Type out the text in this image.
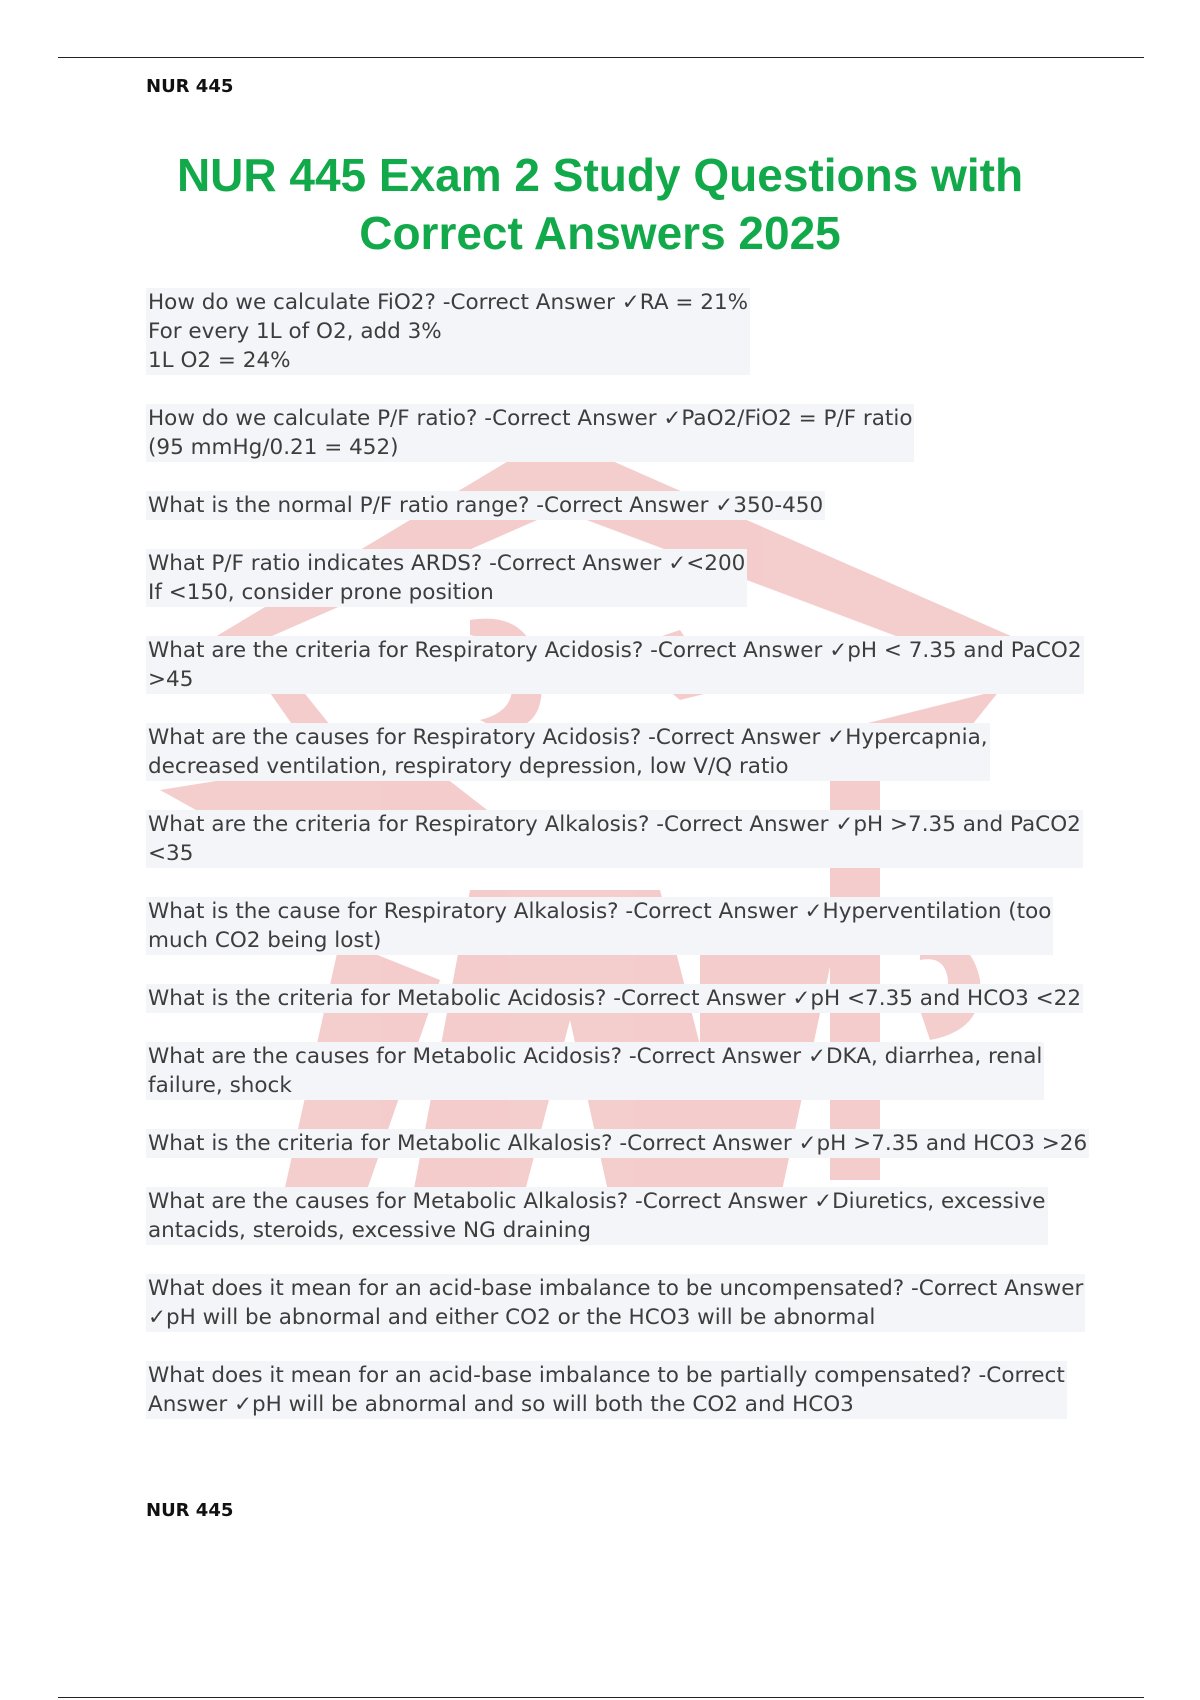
NUR 445
NUR 445 Exam 2 Study Questions with Correct Answers 2025
How do we calculate FiO2? -Correct Answer ✓RA = 21%
For every 1L of O2, add 3%
1L O2 = 24%
How do we calculate P/F ratio? -Correct Answer ✓PaO2/FiO2 = P/F ratio
(95 mmHg/0.21 = 452)
What is the normal P/F ratio range? -Correct Answer ✓350-450
What P/F ratio indicates ARDS? -Correct Answer ✓<200
If <150, consider prone position
What are the criteria for Respiratory Acidosis? -Correct Answer ✓pH < 7.35 and PaCO2
>45
What are the causes for Respiratory Acidosis? -Correct Answer ✓Hypercapnia,
decreased ventilation, respiratory depression, low V/Q ratio
What are the criteria for Respiratory Alkalosis? -Correct Answer ✓pH >7.35 and PaCO2
<35
What is the cause for Respiratory Alkalosis? -Correct Answer ✓Hyperventilation (too
much CO2 being lost)
What is the criteria for Metabolic Acidosis? -Correct Answer ✓pH <7.35 and HCO3 <22
What are the causes for Metabolic Acidosis? -Correct Answer ✓DKA, diarrhea, renal
failure, shock
What is the criteria for Metabolic Alkalosis? -Correct Answer ✓pH >7.35 and HCO3 >26
What are the causes for Metabolic Alkalosis? -Correct Answer ✓Diuretics, excessive
antacids, steroids, excessive NG draining
What does it mean for an acid-base imbalance to be uncompensated? -Correct Answer
✓pH will be abnormal and either CO2 or the HCO3 will be abnormal
What does it mean for an acid-base imbalance to be partially compensated? -Correct
Answer ✓pH will be abnormal and so will both the CO2 and HCO3
NUR 445
